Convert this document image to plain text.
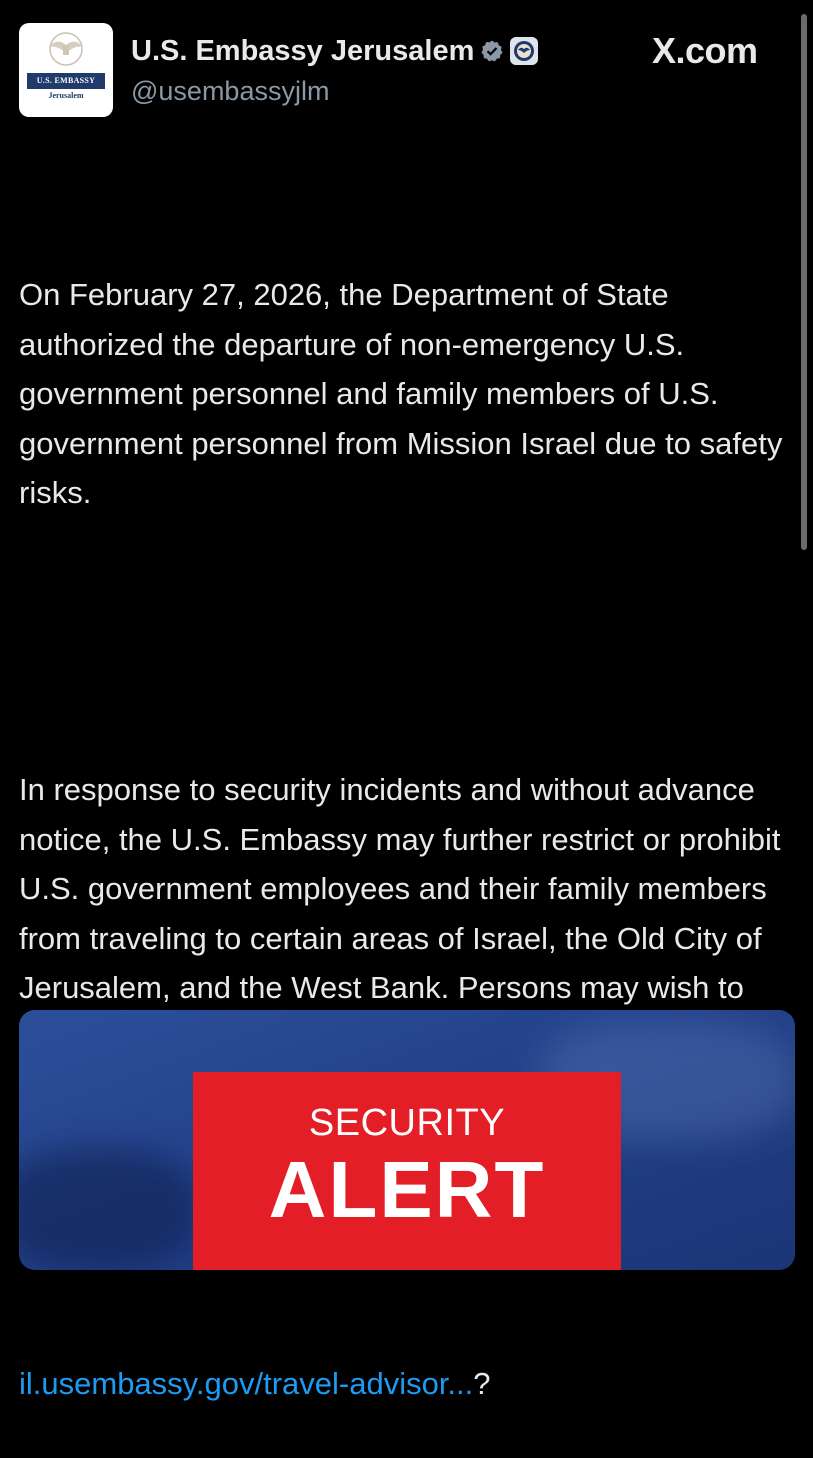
U.S. EMBASSY
Jerusalem
U.S. Embassy Jerusalem
@usembassyjlm
X.com

On February 27, 2026, the Department of State authorized the departure of non-emergency U.S. government personnel and family members of U.S. government personnel from Mission Israel due to safety risks.

In response to security incidents and without advance notice, the U.S. Embassy may further restrict or prohibit U.S. government employees and their family members from traveling to certain areas of Israel, the Old City of Jerusalem, and the West Bank. Persons may wish to

il.usembassy.gov/travel-advisor...?

SECURITY
ALERT
